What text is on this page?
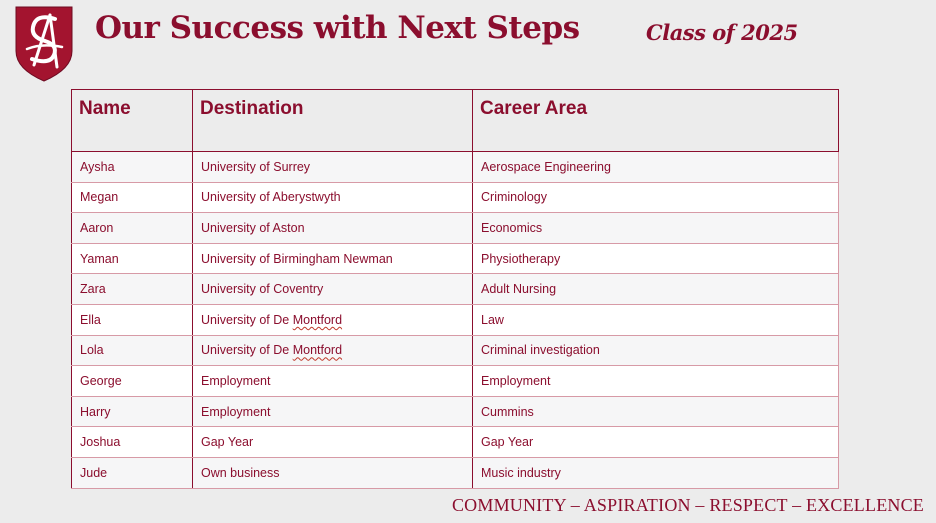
Our Success with Next Steps	Class of 2025
Name	Destination	Career Area
Aysha	University of Surrey	Aerospace Engineering
Megan	University of Aberystwyth	Criminology
Aaron	University of Aston	Economics
Yaman	University of Birmingham Newman	Physiotherapy
Zara	University of Coventry	Adult Nursing
Ella	University of De Montford	Law
Lola	University of De Montford	Criminal investigation
George	Employment	Employment
Harry	Employment	Cummins
Joshua	Gap Year	Gap Year
Jude	Own business	Music industry
COMMUNITY – ASPIRATION – RESPECT – EXCELLENCE
